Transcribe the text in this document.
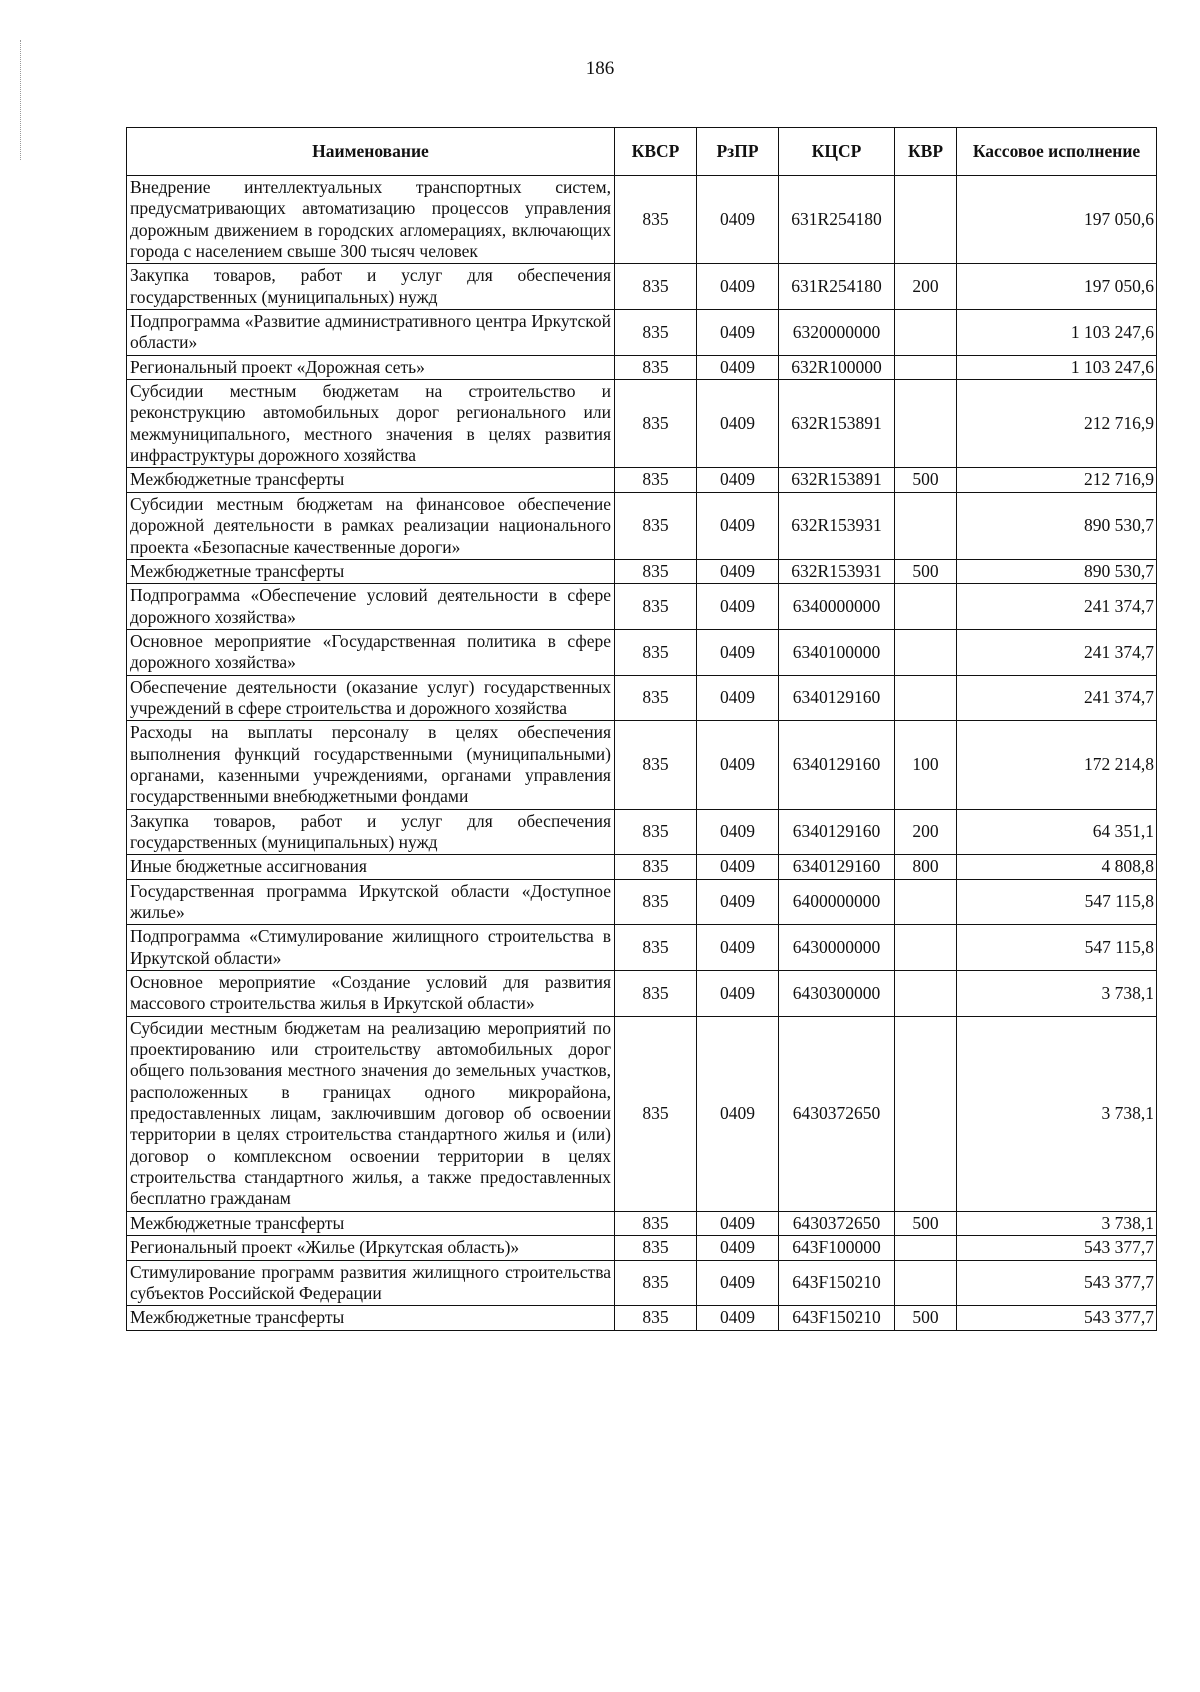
186
Наименование	КВСР	РзПР	КЦСР	КВР	Кассовое исполнение
Внедрение интеллектуальных транспортных систем, предусматривающих автоматизацию процессов управления дорожным движением в городских агломерациях, включающих города с населением свыше 300 тысяч человек	835	0409	631R254180		197 050,6
Закупка товаров, работ и услуг для обеспечения государственных (муниципальных) нужд	835	0409	631R254180	200	197 050,6
Подпрограмма «Развитие административного центра Иркутской области»	835	0409	6320000000		1 103 247,6
Региональный проект «Дорожная сеть»	835	0409	632R100000		1 103 247,6
Субсидии местным бюджетам на строительство и реконструкцию автомобильных дорог регионального или межмуниципального, местного значения в целях развития инфраструктуры дорожного хозяйства	835	0409	632R153891		212 716,9
Межбюджетные трансферты	835	0409	632R153891	500	212 716,9
Субсидии местным бюджетам на финансовое обеспечение дорожной деятельности в рамках реализации национального проекта «Безопасные качественные дороги»	835	0409	632R153931		890 530,7
Межбюджетные трансферты	835	0409	632R153931	500	890 530,7
Подпрограмма «Обеспечение условий деятельности в сфере дорожного хозяйства»	835	0409	6340000000		241 374,7
Основное мероприятие «Государственная политика в сфере дорожного хозяйства»	835	0409	6340100000		241 374,7
Обеспечение деятельности (оказание услуг) государственных учреждений в сфере строительства и дорожного хозяйства	835	0409	6340129160		241 374,7
Расходы на выплаты персоналу в целях обеспечения выполнения функций государственными (муниципальными) органами, казенными учреждениями, органами управления государственными внебюджетными фондами	835	0409	6340129160	100	172 214,8
Закупка товаров, работ и услуг для обеспечения государственных (муниципальных) нужд	835	0409	6340129160	200	64 351,1
Иные бюджетные ассигнования	835	0409	6340129160	800	4 808,8
Государственная программа Иркутской области «Доступное жилье»	835	0409	6400000000		547 115,8
Подпрограмма «Стимулирование жилищного строительства в Иркутской области»	835	0409	6430000000		547 115,8
Основное мероприятие «Создание условий для развития массового строительства жилья в Иркутской области»	835	0409	6430300000		3 738,1
Субсидии местным бюджетам на реализацию мероприятий по проектированию или строительству автомобильных дорог общего пользования местного значения до земельных участков, расположенных в границах одного микрорайона, предоставленных лицам, заключившим договор об освоении территории в целях строительства стандартного жилья и (или) договор о комплексном освоении территории в целях строительства стандартного жилья, а также предоставленных бесплатно гражданам	835	0409	6430372650		3 738,1
Межбюджетные трансферты	835	0409	6430372650	500	3 738,1
Региональный проект «Жилье (Иркутская область)»	835	0409	643F100000		543 377,7
Стимулирование программ развития жилищного строительства субъектов Российской Федерации	835	0409	643F150210		543 377,7
Межбюджетные трансферты	835	0409	643F150210	500	543 377,7
